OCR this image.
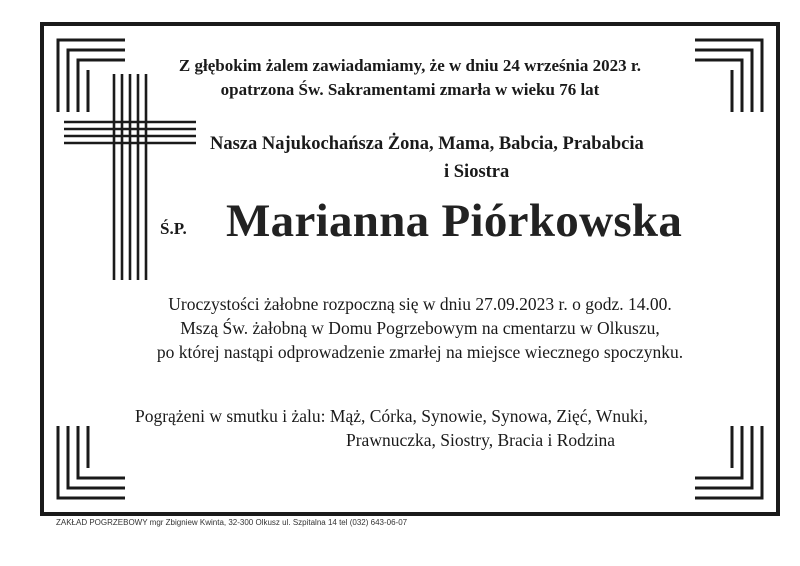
Z głębokim żalem zawiadamiamy, że w dniu 24 września 2023 r.
opatrzona Św. Sakramentami zmarła w wieku 76 lat
Nasza Najukochańsza Żona, Mama, Babcia, Prababcia
i Siostra
Ś.P. Marianna Piórkowska
Uroczystości żałobne rozpoczną się w dniu 27.09.2023 r. o godz. 14.00.
Mszą Św. żałobną w Domu Pogrzebowym na cmentarzu w Olkuszu,
po której nastąpi odprowadzenie zmarłej na miejsce wiecznego spoczynku.
Pogrążeni w smutku i żalu: Mąż, Córka, Synowie, Synowa, Zięć, Wnuki,
Prawnuczka, Siostry, Bracia i Rodzina
ZAKŁAD POGRZEBOWY mgr Zbigniew Kwinta, 32-300 Olkusz ul. Szpitalna 14 tel (032) 643-06-07
